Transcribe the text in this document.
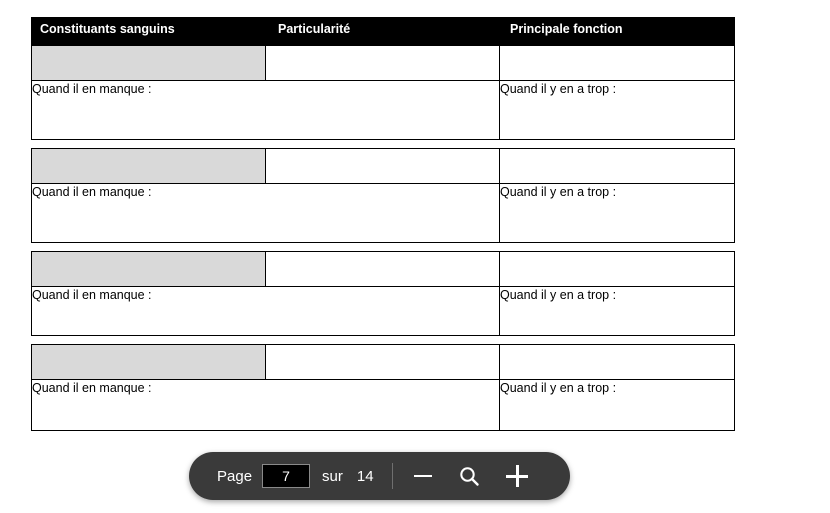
Constituants sanguins	Particularité	Principale fonction

Quand il en manque :		Quand il y en a trop :

Quand il en manque :		Quand il y en a trop :

Quand il en manque :		Quand il y en a trop :

Quand il en manque :		Quand il y en a trop :
Page	7	sur 14
